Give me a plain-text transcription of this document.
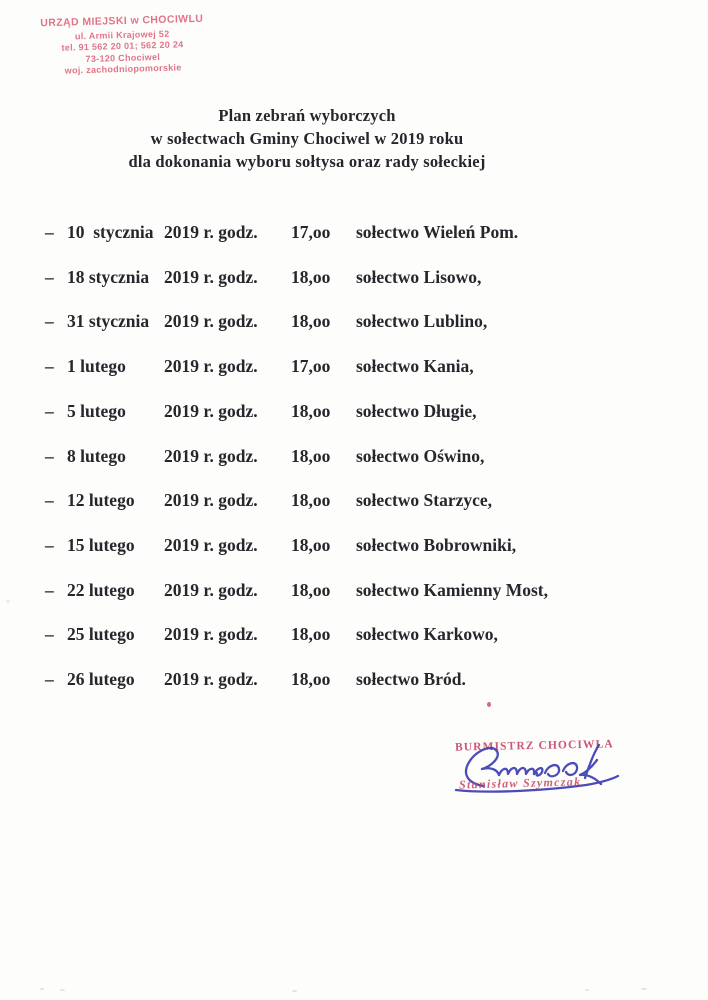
URZĄD MIEJSKI w CHOCIWLU
ul. Armii Krajowej 52
tel. 91 562 20 01; 562 20 24
73-120 Chociwel
woj. zachodniopomorskie
Plan zebrań wyborczych
w sołectwach Gminy Chociwel w 2019 roku
dla dokonania wyboru sołtysa oraz rady sołeckiej

–

10  stycznia

2019 r. godz.

17,oo

sołectwo Wieleń Pom.

–

18 stycznia

2019 r. godz.

18,oo

sołectwo Lisowo,

–

31 stycznia

2019 r. godz.

18,oo

sołectwo Lublino,

–

1 lutego

2019 r. godz.

17,oo

sołectwo Kania,

–

5 lutego

2019 r. godz.

18,oo

sołectwo Długie,

–

8 lutego

2019 r. godz.

18,oo

sołectwo Oświno,

–

12 lutego

2019 r. godz.

18,oo

sołectwo Starzyce,

–

15 lutego

2019 r. godz.

18,oo

sołectwo Bobrowniki,

–

22 lutego

2019 r. godz.

18,oo

sołectwo Kamienny Most,

–

25 lutego

2019 r. godz.

18,oo

sołectwo Karkowo,

–

26 lutego

2019 r. godz.

18,oo

sołectwo Bród.

BURMISTRZ CHOCIWLA
Stanisław Szymczak
